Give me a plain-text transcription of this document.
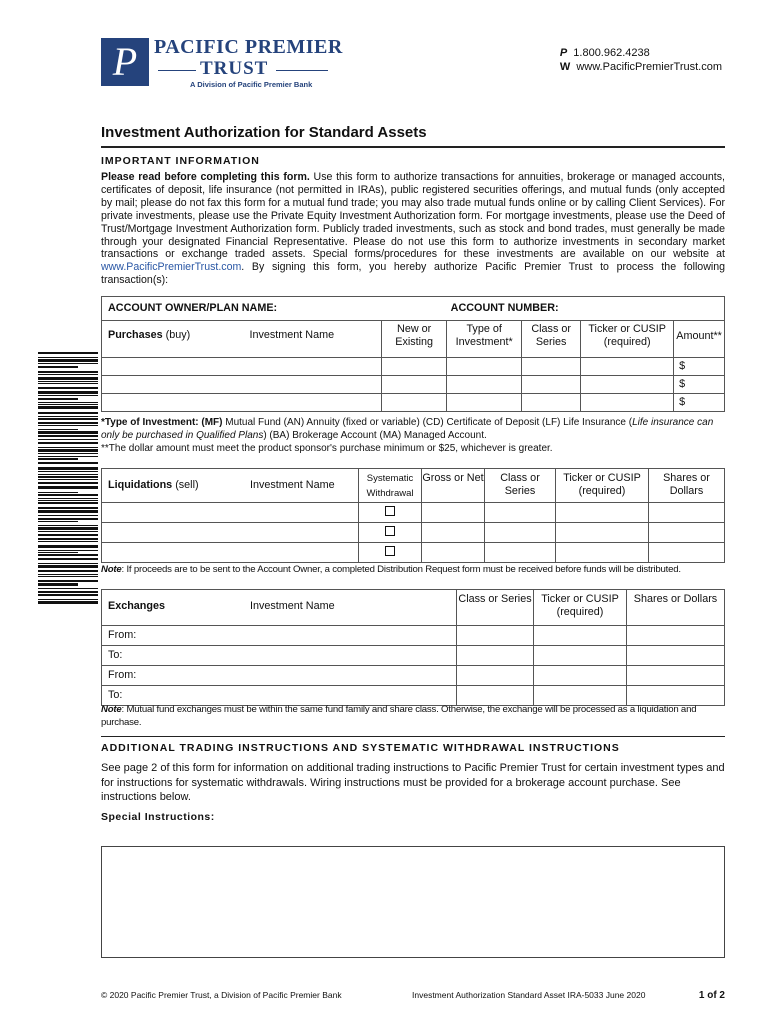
P PACIFIC PREMIER
TRUST
A Division of Pacific Premier Bank
P 1.800.962.4238
W www.PacificPremierTrust.com
Investment Authorization for Standard Assets
IMPORTANT INFORMATION
Please read before completing this form. Use this form to authorize transactions for annuities, brokerage or managed accounts, certificates of deposit, life insurance (not permitted in IRAs), public registered securities offerings, and mutual funds (only accepted by mail; please do not fax this form for a mutual fund trade; you may also trade mutual funds online or by calling Client Services). For private investments, please use the Private Equity Investment Authorization form. For mortgage investments, please use the Deed of Trust/Mortgage Investment Authorization form. Publicly traded investments, such as stock and bond trades, must generally be made through your designated Financial Representative. Please do not use this form to authorize investments in secondary market transactions or exchange traded assets. Special forms/procedures for these investments are available on our website at www.PacificPremierTrust.com. By signing this form, you hereby authorize Pacific Premier Trust to process the following transaction(s):
ACCOUNT OWNER/PLAN NAME:		ACCOUNT NUMBER:			
Purchases (buy) Investment Name	New or Existing	Type of Investment*	Class or Series	Ticker or CUSIP (required)	Amount**
					$
					$
					$
*Type of Investment: (MF) Mutual Fund (AN) Annuity (fixed or variable) (CD) Certificate of Deposit (LF) Life Insurance (Life insurance can only be purchased in Qualified Plans) (BA) Brokerage Account (MA) Managed Account.
**The dollar amount must meet the product sponsor's purchase minimum or $25, whichever is greater.
Liquidations (sell) Investment Name	Systematic Withdrawal	Gross or Net	Class or Series	Ticker or CUSIP (required)	Shares or Dollars

Note: If proceeds are to be sent to the Account Owner, a completed Distribution Request form must be received before funds will be distributed.
Exchanges Investment Name	Class or Series	Ticker or CUSIP (required)	Shares or Dollars
From:			
To:			
From:			
To:			
Note: Mutual fund exchanges must be within the same fund family and share class. Otherwise, the exchange will be processed as a liquidation and purchase.
ADDITIONAL TRADING INSTRUCTIONS AND SYSTEMATIC WITHDRAWAL INSTRUCTIONS
See page 2 of this form for information on additional trading instructions to Pacific Premier Trust for certain investment types and for instructions for systematic withdrawals. Wiring instructions must be provided for a brokerage account purchase. See instructions below.
Special Instructions:
© 2020 Pacific Premier Trust, a Division of Pacific Premier Bank	Investment Authorization Standard Asset IRA-5033 June 2020	1 of 2
